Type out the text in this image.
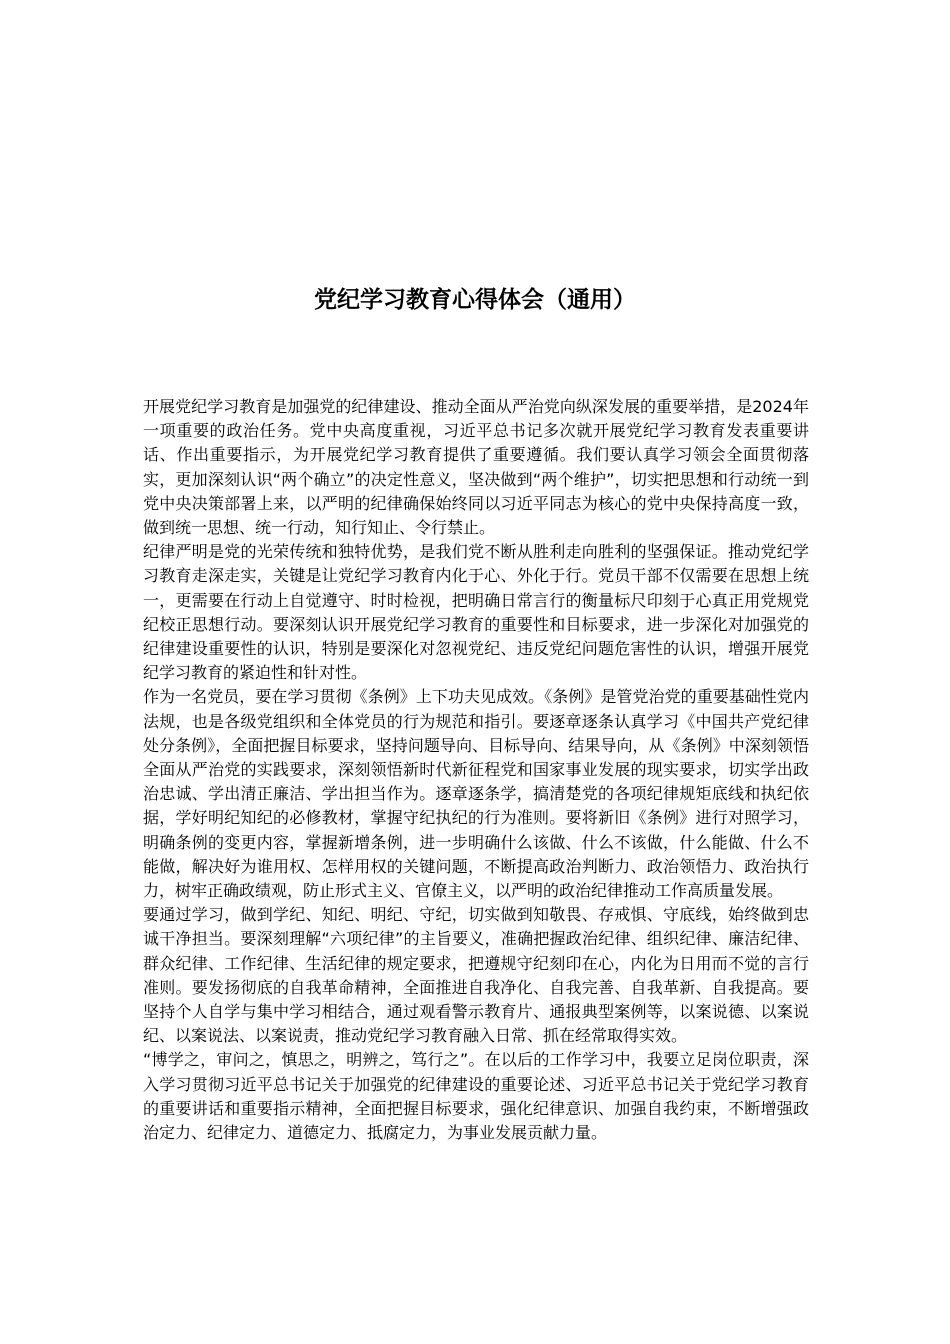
党纪学习教育心得体会（通用）

开展党纪学习教育是加强党的纪律建设、推动全面从严治党向纵深发展的重要举措，是2024年一项重要的政治任务。党中央高度重视，习近平总书记多次就开展党纪学习教育发表重要讲话、作出重要指示，为开展党纪学习教育提供了重要遵循。我们要认真学习领会全面贯彻落实，更加深刻认识“两个确立”的决定性意义，坚决做到“两个维护”，切实把思想和行动统一到党中央决策部署上来，以严明的纪律确保始终同以习近平同志为核心的党中央保持高度一致，做到统一思想、统一行动，知行知止、令行禁止。

纪律严明是党的光荣传统和独特优势，是我们党不断从胜利走向胜利的坚强保证。推动党纪学习教育走深走实，关键是让党纪学习教育内化于心、外化于行。党员干部不仅需要在思想上统一，更需要在行动上自觉遵守、时时检视，把明确日常言行的衡量标尺印刻于心真正用党规党纪校正思想行动。要深刻认识开展党纪学习教育的重要性和目标要求，进一步深化对加强党的纪律建设重要性的认识，特别是要深化对忽视党纪、违反党纪问题危害性的认识，增强开展党纪学习教育的紧迫性和针对性。

作为一名党员，要在学习贯彻《条例》上下功夫见成效。《条例》是管党治党的重要基础性党内法规，也是各级党组织和全体党员的行为规范和指引。要逐章逐条认真学习《中国共产党纪律处分条例》，全面把握目标要求，坚持问题导向、目标导向、结果导向，从《条例》中深刻领悟全面从严治党的实践要求，深刻领悟新时代新征程党和国家事业发展的现实要求，切实学出政治忠诚、学出清正廉洁、学出担当作为。逐章逐条学，搞清楚党的各项纪律规矩底线和执纪依据，学好明纪知纪的必修教材，掌握守纪执纪的行为准则。要将新旧《条例》进行对照学习，明确条例的变更内容，掌握新增条例，进一步明确什么该做、什么不该做，什么能做、什么不能做，解决好为谁用权、怎样用权的关键问题，不断提高政治判断力、政治领悟力、政治执行力，树牢正确政绩观，防止形式主义、官僚主义，以严明的政治纪律推动工作高质量发展。

要通过学习，做到学纪、知纪、明纪、守纪，切实做到知敬畏、存戒惧、守底线，始终做到忠诚干净担当。要深刻理解“六项纪律”的主旨要义，准确把握政治纪律、组织纪律、廉洁纪律、群众纪律、工作纪律、生活纪律的规定要求，把遵规守纪刻印在心，内化为日用而不觉的言行准则。要发扬彻底的自我革命精神，全面推进自我净化、自我完善、自我革新、自我提高。要坚持个人自学与集中学习相结合，通过观看警示教育片、通报典型案例等，以案说德、以案说纪、以案说法、以案说责，推动党纪学习教育融入日常、抓在经常取得实效。

“博学之，审问之，慎思之，明辨之，笃行之”。在以后的工作学习中，我要立足岗位职责，深入学习贯彻习近平总书记关于加强党的纪律建设的重要论述、习近平总书记关于党纪学习教育的重要讲话和重要指示精神，全面把握目标要求，强化纪律意识、加强自我约束，不断增强政治定力、纪律定力、道德定力、抵腐定力，为事业发展贡献力量。
